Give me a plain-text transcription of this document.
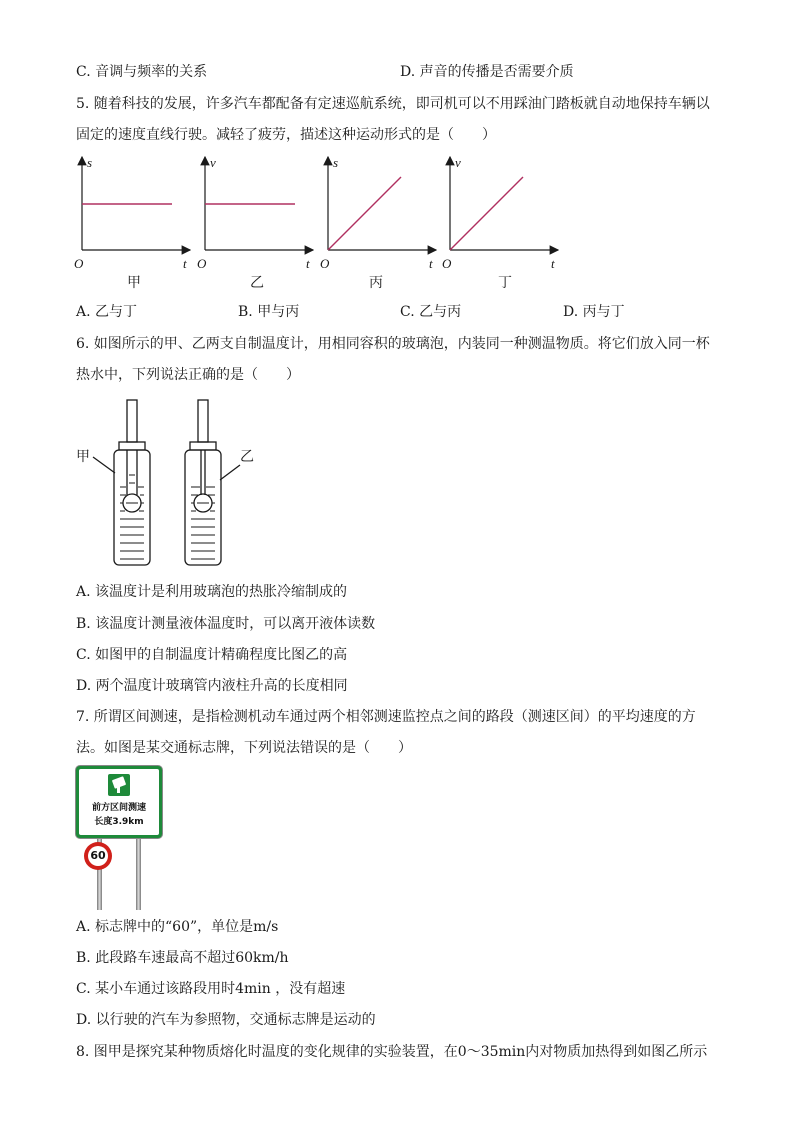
C. 音调与频率的关系	D. 声音的传播是否需要介质
5. 随着科技的发展，许多汽车都配备有定速巡航系统，即司机可以不用踩油门踏板就自动地保持车辆以
固定的速度直线行驶。减轻了疲劳，描述这种运动形式的是（　　）
s
t
O
v
t
O
s
t
O
v
t
O
甲	乙	丙	丁
A. 乙与丁	B. 甲与丙	C. 乙与丙	D. 丙与丁
6. 如图所示的甲、乙两支自制温度计，用相同容积的玻璃泡，内装同一种测温物质。将它们放入同一杯
热水中，下列说法正确的是（　　）
甲	乙
A. 该温度计是利用玻璃泡的热胀冷缩制成的
B. 该温度计测量液体温度时，可以离开液体读数
C. 如图甲的自制温度计精确程度比图乙的高
D. 两个温度计玻璃管内液柱升高的长度相同
7. 所谓区间测速，是指检测机动车通过两个相邻测速监控点之间的路段（测速区间）的平均速度的方
法。如图是某交通标志牌，下列说法错误的是（　　）
前方区间测速
长度3.9km
60
A. 标志牌中的“60”，单位是m/s
B. 此段路车速最高不超过60km/h
C. 某小车通过该路段用时4min ，没有超速
D. 以行驶的汽车为参照物，交通标志牌是运动的
8. 图甲是探究某种物质熔化时温度的变化规律的实验装置，在0～35min内对物质加热得到如图乙所示
